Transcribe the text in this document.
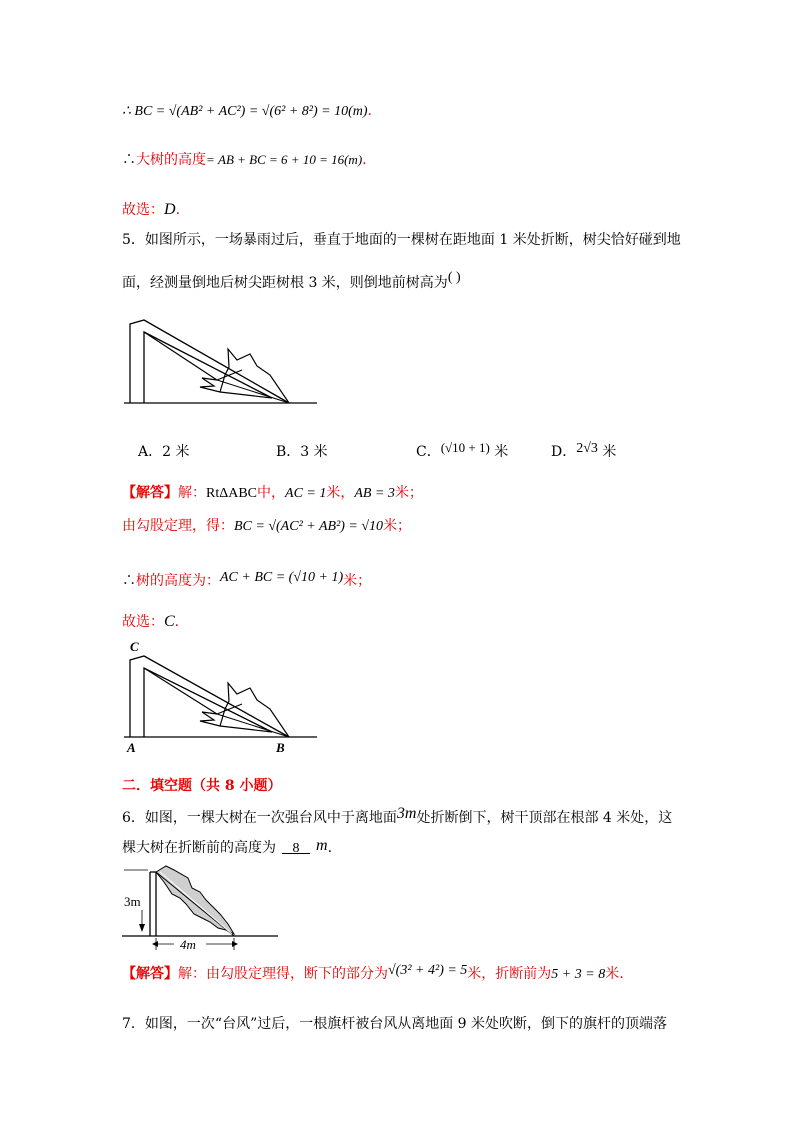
∴ BC = √(AB² + AC²) = √(6² + 8²) = 10(m).
∴大树的高度= AB + BC = 6 + 10 = 16(m).
故选：D.
5．如图所示，一场暴雨过后，垂直于地面的一棵树在距地面 1 米处折断，树尖恰好碰到地
面，经测量倒地后树尖距树根 3 米，则倒地前树高为( )
A．2 米	B．3 米	C．(√10 + 1) 米	D．2√3 米
【解答】解：RtΔABC中，AC = 1米，AB = 3米；
由勾股定理，得：BC = √(AC² + AB²) = √10米；
∴树的高度为：AC + BC = (√10 + 1)米；
故选：C.
C
A	B
二．填空题（共 8 小题）
6．如图，一棵大树在一次强台风中于离地面3m处折断倒下，树干顶部在根部 4 米处，这
棵大树在折断前的高度为   8   m.
3m
4m
【解答】解：由勾股定理得，断下的部分为√(3² + 4²) = 5米，折断前为5 + 3 = 8米.
7．如图，一次“台风”过后，一根旗杆被台风从离地面 9 米处吹断，倒下的旗杆的顶端落
